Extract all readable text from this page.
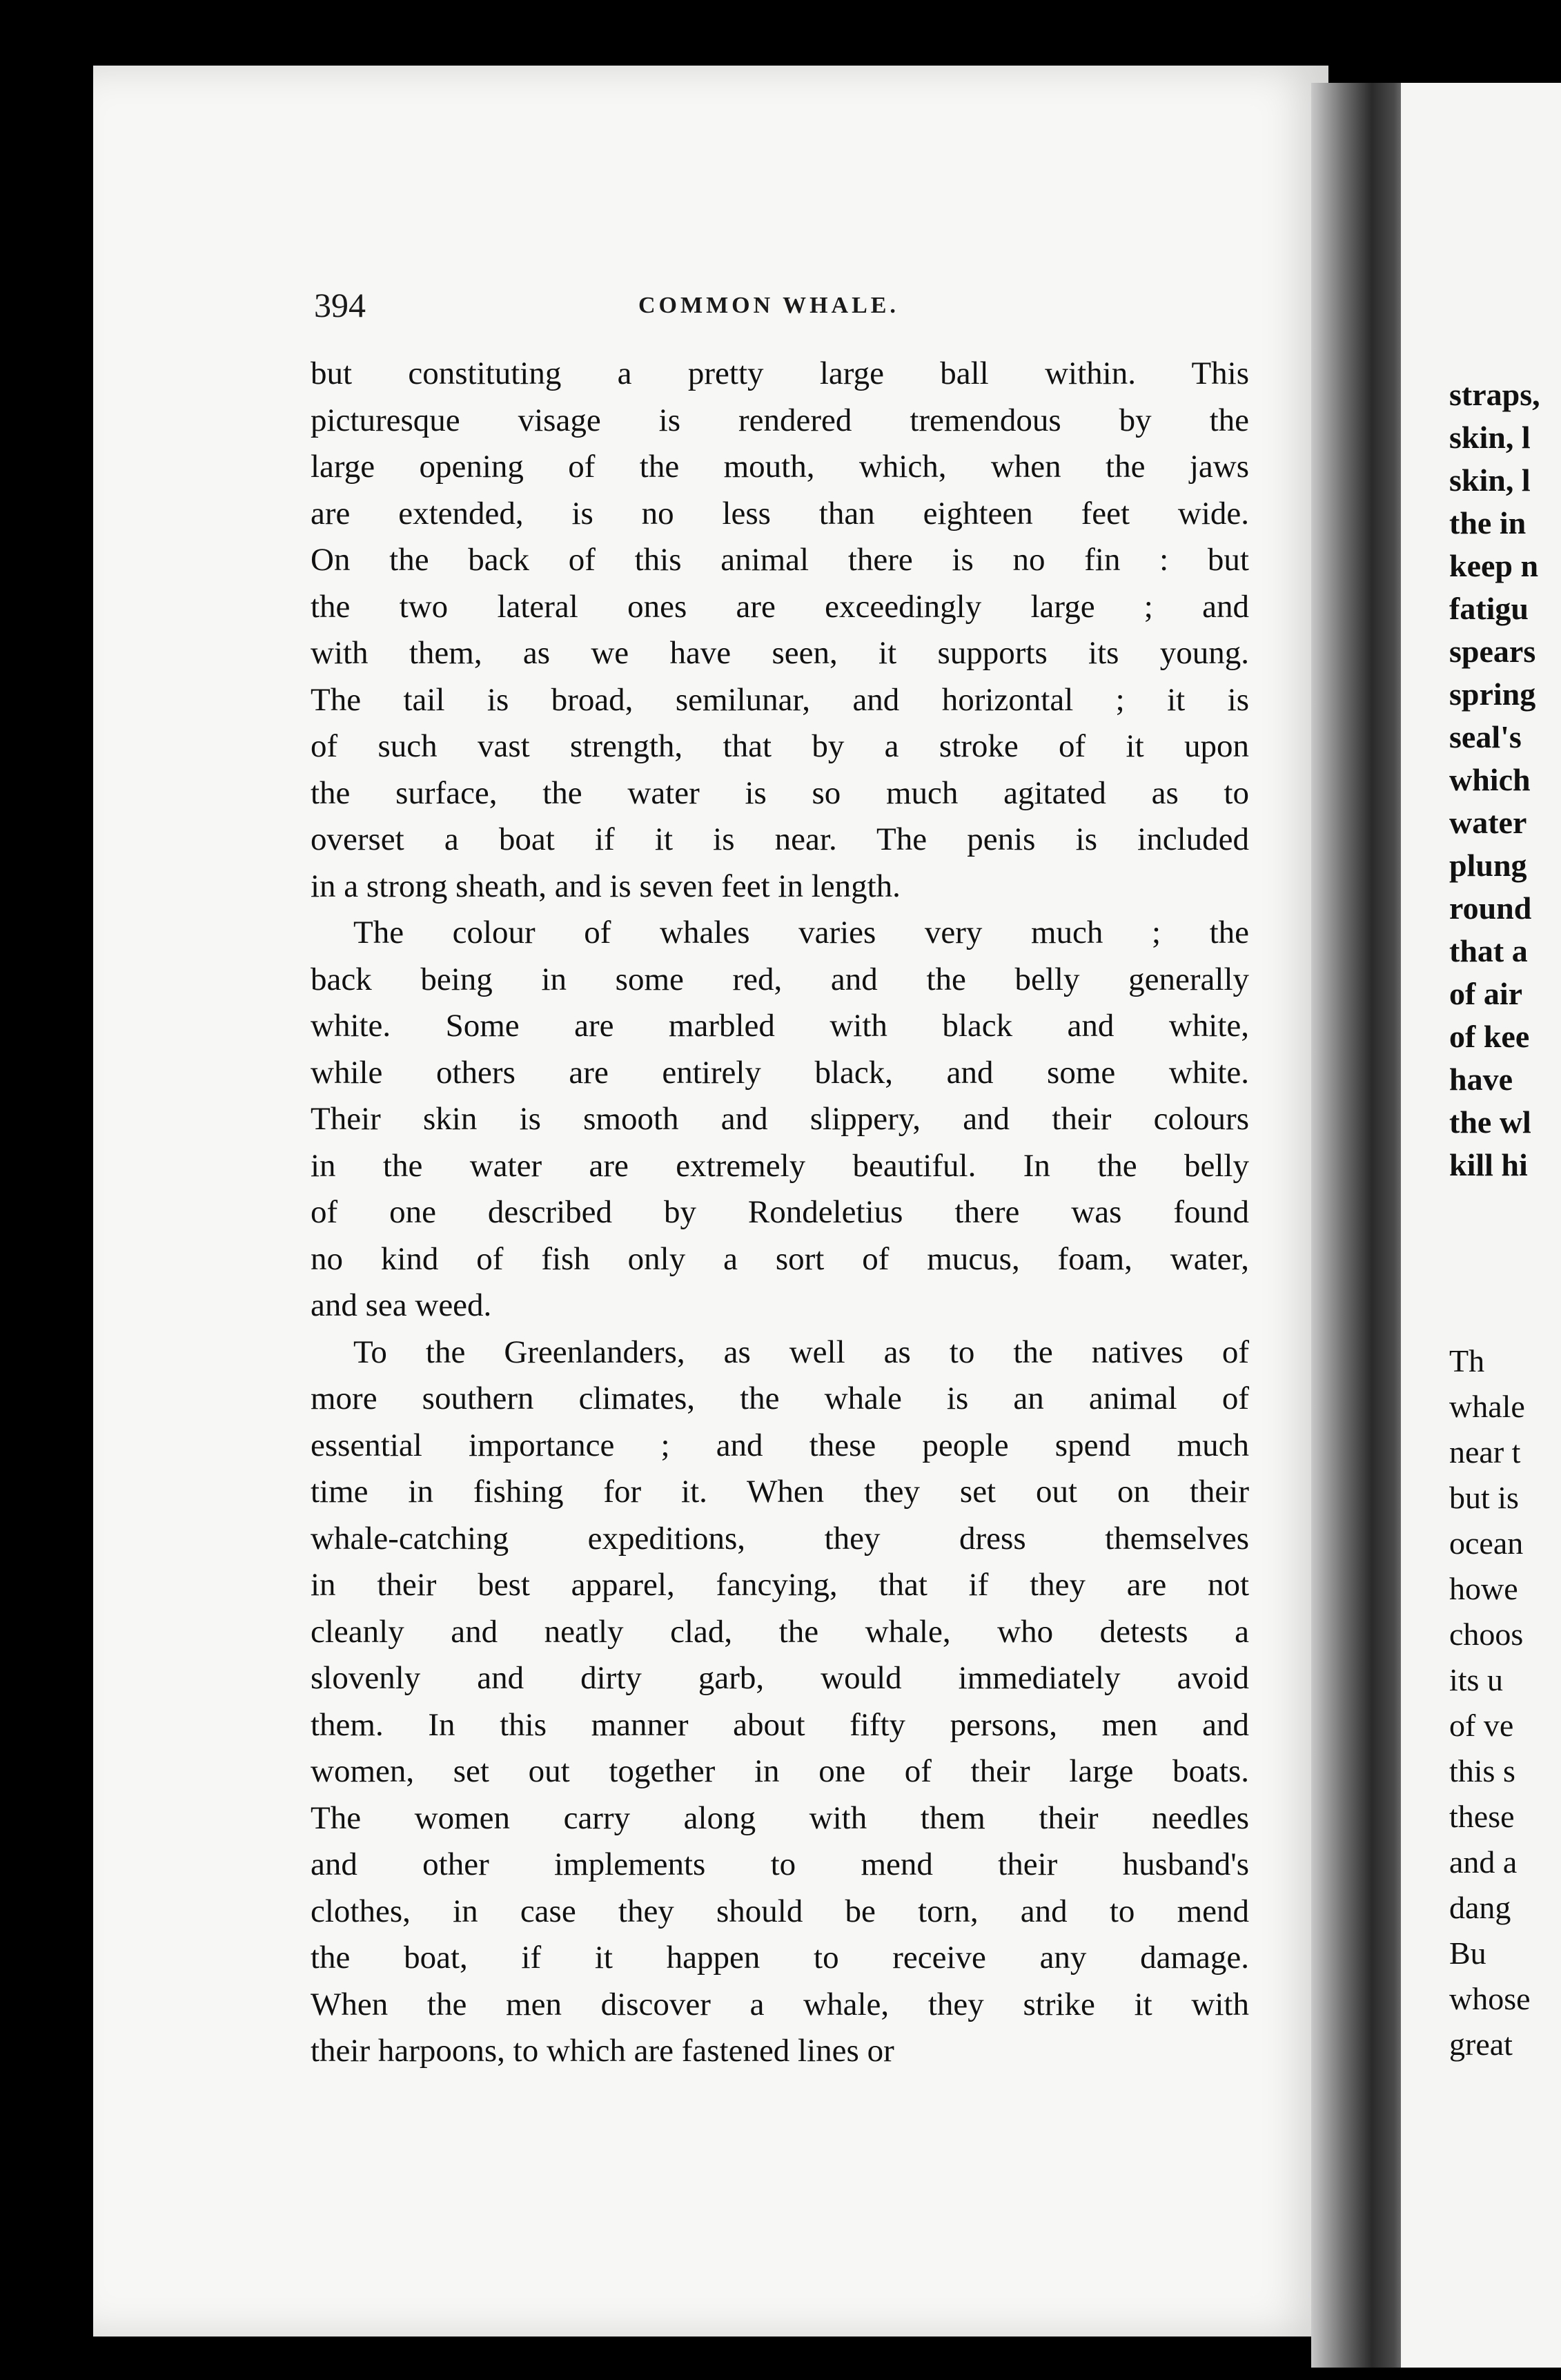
straps,
skin, l
skin, l
the in
keep n
fatigu
spears
spring
seal's
which
water
plung
round
that a
of air
of kee
have
the wl
kill hi
Th
whale
near t
but is
ocean
howe
choos
its u
of ve
this s
these
and a
dang
Bu
whose
great
394	COMMON WHALE.
but constituting a pretty large ball within. This
picturesque visage is rendered tremendous by the
large opening of the mouth, which, when the jaws
are extended, is no less than eighteen feet wide.
On the back of this animal there is no fin : but
the two lateral ones are exceedingly large ; and
with them, as we have seen, it supports its young.
The tail is broad, semilunar, and horizontal ; it is
of such vast strength, that by a stroke of it upon
the surface, the water is so much agitated as to
overset a boat if it is near. The penis is included
in a strong sheath, and is seven feet in length.
The colour of whales varies very much ; the
back being in some red, and the belly generally
white. Some are marbled with black and white,
while others are entirely black, and some white.
Their skin is smooth and slippery, and their colours
in the water are extremely beautiful. In the belly
of one described by Rondeletius there was found
no kind of fish only a sort of mucus, foam, water,
and sea weed.
To the Greenlanders, as well as to the natives of
more southern climates, the whale is an animal of
essential importance ; and these people spend much
time in fishing for it. When they set out on their
whale-catching expeditions, they dress themselves
in their best apparel, fancying, that if they are not
cleanly and neatly clad, the whale, who detests a
slovenly and dirty garb, would immediately avoid
them. In this manner about fifty persons, men and
women, set out together in one of their large boats.
The women carry along with them their needles
and other implements to mend their husband's
clothes, in case they should be torn, and to mend
the boat, if it happen to receive any damage.
When the men discover a whale, they strike it with
their harpoons, to which are fastened lines or
